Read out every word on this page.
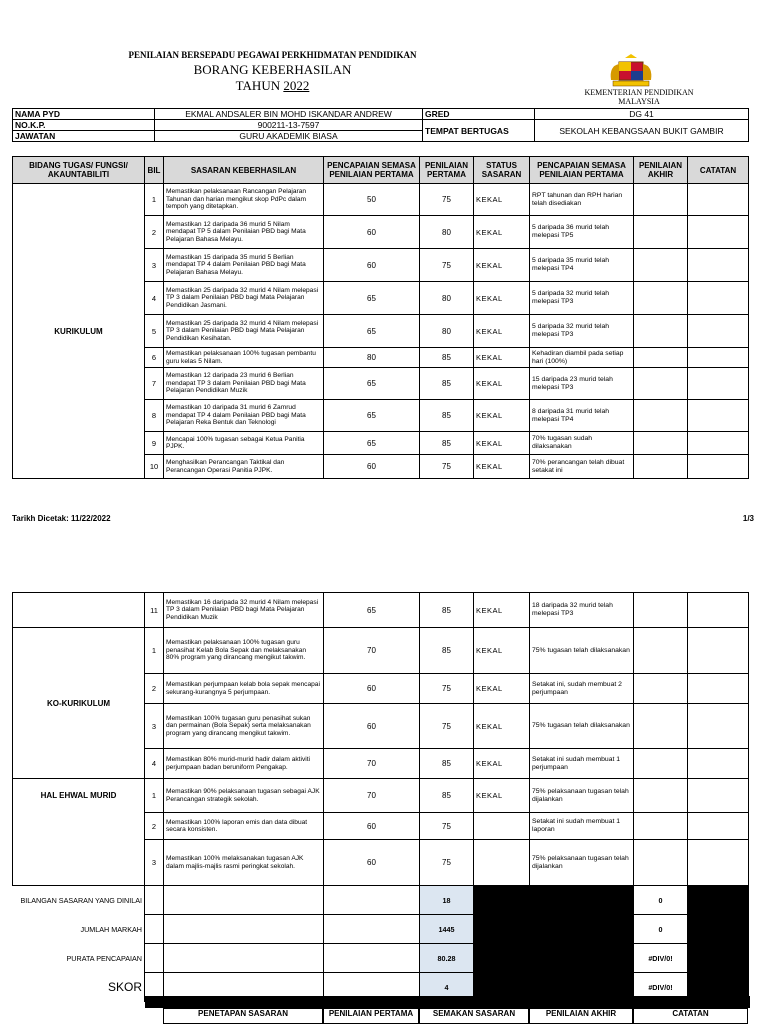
PENILAIAN BERSEPADU PEGAWAI PERKHIDMATAN PENDIDIKAN
BORANG KEBERHASILAN
TAHUN 2022	KEMENTERIAN PENDIDIKAN
MALAYSIA
NAMA PYD	EKMAL ANDSALER BIN MOHD ISKANDAR ANDREW	GRED	DG 41
NO.K.P.	900211-13-7597	TEMPAT BERTUGAS	SEKOLAH KEBANGSAAN BUKIT GAMBIR
JAWATAN	GURU AKADEMIK BIASA		
BIDANG TUGAS/ FUNGSI/ AKAUNTABILITI	BIL	SASARAN KEBERHASILAN	PENCAPAIAN SEMASA PENILAIAN PERTAMA	PENILAIAN PERTAMA	STATUS SASARAN	PENCAPAIAN SEMASA PENILAIAN PERTAMA	PENILAIAN AKHIR	CATATAN
KURIKULUM	1	Memastikan pelaksanaan Rancangan Pelajaran Tahunan dan harian mengikut skop PdPc dalam tempoh yang ditetapkan.	50	75	KEKAL	RPT tahunan dan RPH harian telah disediakan		
	2	Memastikan 12 daripada 36 murid 5 Nilam mendapat TP 5 dalam Penilaian PBD bagi Mata Pelajaran Bahasa Melayu.	60	80	KEKAL	5 daripada 36 murid telah melepasi TP5		
	3	Memastikan 15 daripada 35 murid 5 Berlian mendapat TP 4 dalam Penilaian PBD bagi Mata Pelajaran Bahasa Melayu.	60	75	KEKAL	5 daripada 35 murid telah melepasi TP4		
	4	Memastikan 25 daripada 32 murid 4 Nilam melepasi TP 3 dalam Penilaian PBD bagi Mata Pelajaran Pendidikan Jasmani.	65	80	KEKAL	5 daripada 32 murid telah melepasi TP3		
	5	Memastikan 25 daripada 32 murid 4 Nilam melepasi TP 3 dalam Penilaian PBD bagi Mata Pelajaran Pendidikan Kesihatan.	65	80	KEKAL	5 daripada 32 murid telah melepasi TP3		
	6	Memastikan pelaksanaan 100% tugasan pembantu guru kelas 5 Nilam.	80	85	KEKAL	Kehadiran diambil pada setiap hari (100%)		
	7	Memastikan 12 daripada 23 murid 6 Berlian mendapat TP 3 dalam Penilaian PBD bagi Mata Pelajaran Pendidikan Muzik	65	85	KEKAL	15 daripada 23 murid telah melepasi TP3		
	8	Memastikan 10 daripada 31 murid 6 Zamrud mendapat TP 4 dalam Penilaian PBD bagi Mata Pelajaran Reka Bentuk dan Teknologi	65	85	KEKAL	8 daripada 31 murid telah melepasi TP4		
	9	Mencapai 100% tugasan sebagai Ketua Panitia PJPK.	65	85	KEKAL	70% tugasan sudah dilaksanakan		
	10	Menghasilkan Perancangan Taktikal dan Perancangan Operasi Panitia PJPK.	60	75	KEKAL	70% perancangan telah dibuat setakat ini		
Tarikh Dicetak: 11/22/2022	1/3
	11	Memastikan 16 daripada 32 murid 4 Nilam melepasi TP 3 dalam Penilaian PBD bagi Mata Pelajaran Pendidikan Muzik	65	85	KEKAL	18 daripada 32 murid telah melepasi TP3		
KO-KURIKULUM	1	Memastikan pelaksanaan 100% tugasan guru penasihat Kelab Bola Sepak dan melaksanakan 80% program yang dirancang mengikut takwim.	70	85	KEKAL	75% tugasan telah dilaksanakan		
	2	Memastikan perjumpaan kelab bola sepak mencapai sekurang-kurangnya 5 perjumpaan.	60	75	KEKAL	Setakat ini, sudah membuat 2 perjumpaan		
	3	Memastikan 100% tugasan guru penasihat sukan dan permainan (Bola Sepak) serta melaksanakan program yang dirancang mengikut takwim.	60	75	KEKAL	75% tugasan telah dilaksanakan		
	4	Memastikan 80% murid-murid hadir dalam aktiviti perjumpaan badan beruniform Pengakap.	70	85	KEKAL	Setakat ini sudah membuat 1 perjumpaan		
HAL EHWAL MURID	1	Memastikan 90% pelaksanaan tugasan sebagai AJK Perancangan strategik sekolah.	70	85	KEKAL	75% pelaksanaan tugasan telah dijalankan		
	2	Memastikan 100% laporan emis dan data dibuat secara konsisten.	60	75		Setakat ini sudah membuat 1 laporan		
	3	Memastikan 100% melaksanakan tugasan AJK dalam majlis-majlis rasmi peringkat sekolah.	60	75		75% pelaksanaan tugasan telah dijalankan		
BILANGAN SASARAN YANG DINILAI				18			0	
JUMLAH MARKAH				1445			0	
PURATA PENCAPAIAN				80.28			#DIV/0!	
SKOR				4			#DIV/0!	
PENETAPAN SASARAN	PENILAIAN PERTAMA	SEMAKAN SASARAN	PENILAIAN AKHIR	CATATAN
